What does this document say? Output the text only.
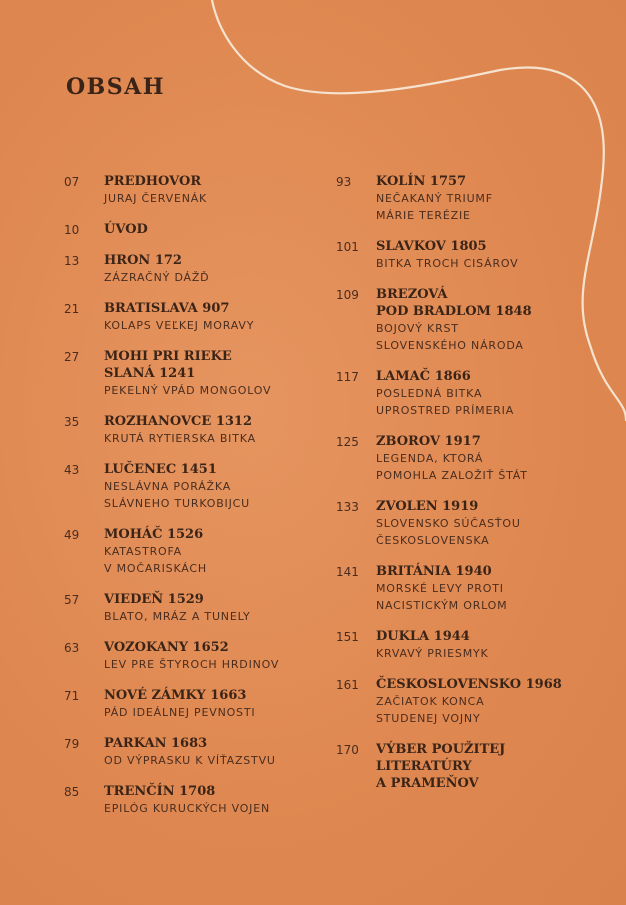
OBSAH
07	PREDHOVOR
JURAJ ČERVENÁK
10	ÚVOD
13	HRON 172
ZÁZRAČNÝ DÁŽĎ
21	BRATISLAVA 907
KOLAPS VEĽKEJ MORAVY
27	MOHI PRI RIEKE
SLANÁ 1241
PEKELNÝ VPÁD MONGOLOV
35	ROZHANOVCE 1312
KRUTÁ RYTIERSKA BITKA
43	LUČENEC 1451
NESLÁVNA PORÁŽKA
SLÁVNEHO TURKOBIJCU
49	MOHÁČ 1526
KATASTROFA
V MOČARISKÁCH
57	VIEDEŇ 1529
BLATO, MRÁZ A TUNELY
63	VOZOKANY 1652
LEV PRE ŠTYROCH HRDINOV
71	NOVÉ ZÁMKY 1663
PÁD IDEÁLNEJ PEVNOSTI
79	PARKAN 1683
OD VÝPRASKU K VÍŤAZSTVU
85	TRENČÍN 1708
EPILÓG KURUCKÝCH VOJEN
93	KOLÍN 1757
NEČAKANÝ TRIUMF
MÁRIE TERÉZIE
101	SLAVKOV 1805
BITKA TROCH CISÁROV
109	BREZOVÁ
POD BRADLOM 1848
BOJOVÝ KRST
SLOVENSKÉHO NÁRODA
117	LAMAČ 1866
POSLEDNÁ BITKA
UPROSTRED PRÍMERIA
125	ZBOROV 1917
LEGENDA, KTORÁ
POMOHLA ZALOŽIŤ ŠTÁT
133	ZVOLEN 1919
SLOVENSKO SÚČASŤOU
ČESKOSLOVENSKA
141	BRITÁNIA 1940
MORSKÉ LEVY PROTI
NACISTICKÝM ORLOM
151	DUKLA 1944
KRVAVÝ PRIESMYK
161	ČESKOSLOVENSKO 1968
ZAČIATOK KONCA
STUDENEJ VOJNY
170	VÝBER POUŽITEJ
LITERATÚRY
A PRAMEŇOV
